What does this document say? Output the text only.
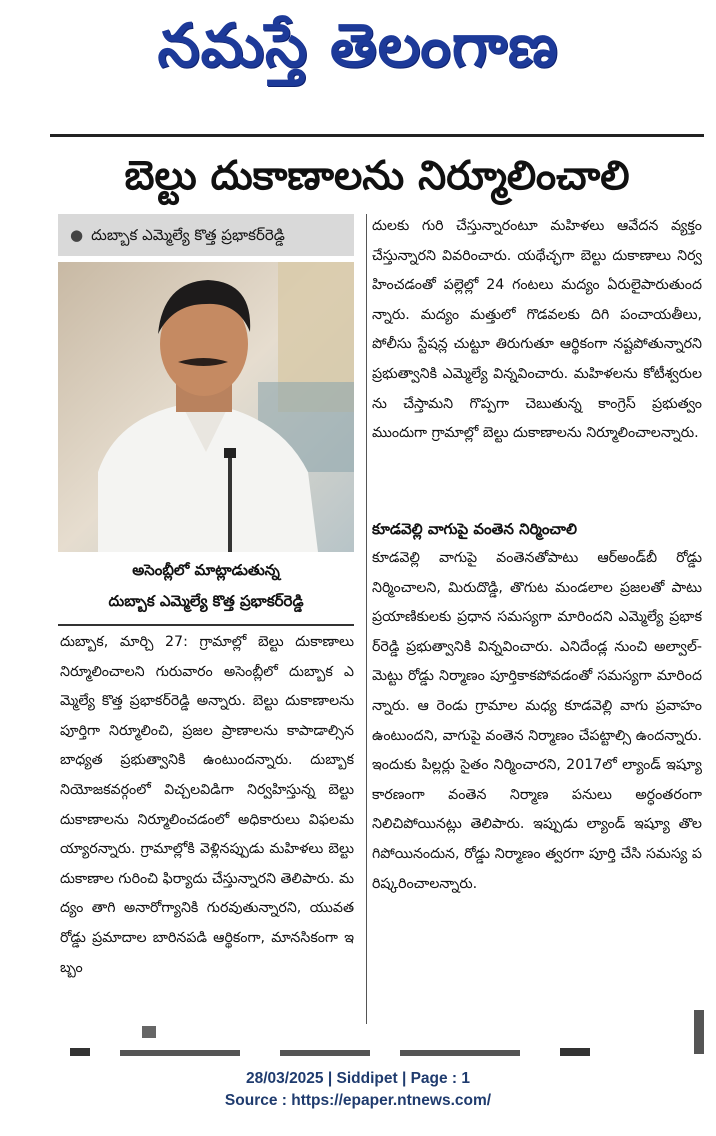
నమస్తే తెలంగాణ
బెల్టు దుకాణాలను నిర్మూలించాలి
● దుబ్బాక ఎమ్మెల్యే కొత్త ప్రభాకర్‌రెడ్డి
అసెంబ్లీలో మాట్లాడుతున్న
దుబ్బాక ఎమ్మెల్యే కొత్త ప్రభాకర్‌రెడ్డి
దుబ్బాక, మార్చి 27: గ్రామాల్లో బెల్టు దుకాణాలు నిర్మూలించాలని గురువారం అసెంబ్లీలో దుబ్బాక ఎమ్మెల్యే కొత్త ప్రభాకర్‌రెడ్డి అన్నారు. బెల్టు దుకాణాలను పూర్తిగా నిర్మూలించి, ప్రజల ప్రాణాలను కాపాడాల్సిన బాధ్యత ప్రభుత్వానికి ఉంటుందన్నారు. దుబ్బాక నియోజకవర్గంలో విచ్చలవిడిగా నిర్వహిస్తున్న బెల్టు దుకాణాలను నిర్మూలించడంలో అధికారులు విఫలమయ్యారన్నారు. గ్రామాల్లోకి వెళ్లినప్పుడు మహిళలు బెల్టు దుకాణాల గురించి ఫిర్యాదు చేస్తున్నారని తెలిపారు. మద్యం తాగి అనారోగ్యానికి గురవుతున్నారని, యువత రోడ్డు ప్రమాదాల బారినపడి ఆర్థికంగా, మానసికంగా ఇబ్బం
దులకు గురి చేస్తున్నారంటూ మహిళలు ఆవేదన వ్యక్తం చేస్తున్నారని వివరించారు. యథేచ్ఛగా బెల్టు దుకాణాలు నిర్వహించడంతో పల్లెల్లో 24 గంటలు మద్యం ఏరులైపారుతుందన్నారు. మద్యం మత్తులో గొడవలకు దిగి పంచాయతీలు, పోలీసు స్టేషన్ల చుట్టూ తిరుగుతూ ఆర్థికంగా నష్టపోతున్నారని ప్రభుత్వానికి ఎమ్మెల్యే విన్నవించారు. మహిళలను కోటీశ్వరులను చేస్తామని గొప్పగా చెబుతున్న కాంగ్రెస్ ప్రభుత్వం ముందుగా గ్రామాల్లో బెల్టు దుకాణాలను నిర్మూలించాలన్నారు.
కూడవెల్లి వాగుపై వంతెన నిర్మించాలి
కూడవెల్లి వాగుపై వంతెనతోపాటు ఆర్‌అండ్‌బీ రోడ్డు నిర్మించాలని, మిరుదొడ్డి, తొగుట మండలాల ప్రజలతో పాటు ప్రయాణికులకు ప్రధాన సమస్యగా మారిందని ఎమ్మెల్యే ప్రభాకర్‌రెడ్డి ప్రభుత్వానికి విన్నవించారు. ఎనిదేండ్ల నుంచి అల్వాల్-మెట్టు రోడ్డు నిర్మాణం పూర్తికాకపోవడంతో సమస్యగా మారిందన్నారు. ఆ రెండు గ్రామాల మధ్య కూడవెల్లి వాగు ప్రవాహం ఉంటుందని, వాగుపై వంతెన నిర్మాణం చేపట్టాల్సి ఉందన్నారు. ఇందుకు పిల్లర్లు సైతం నిర్మించారని, 2017లో ల్యాండ్ ఇష్యూ కారణంగా వంతెన నిర్మాణ పనులు అర్ధంతరంగా నిలిచిపోయినట్లు తెలిపారు. ఇప్పుడు ల్యాండ్ ఇష్యూ తొలగిపోయినందున, రోడ్డు నిర్మాణం త్వరగా పూర్తి చేసి సమస్య పరిష్కరించాలన్నారు.
28/03/2025 | Siddipet | Page : 1
Source : https://epaper.ntnews.com/
